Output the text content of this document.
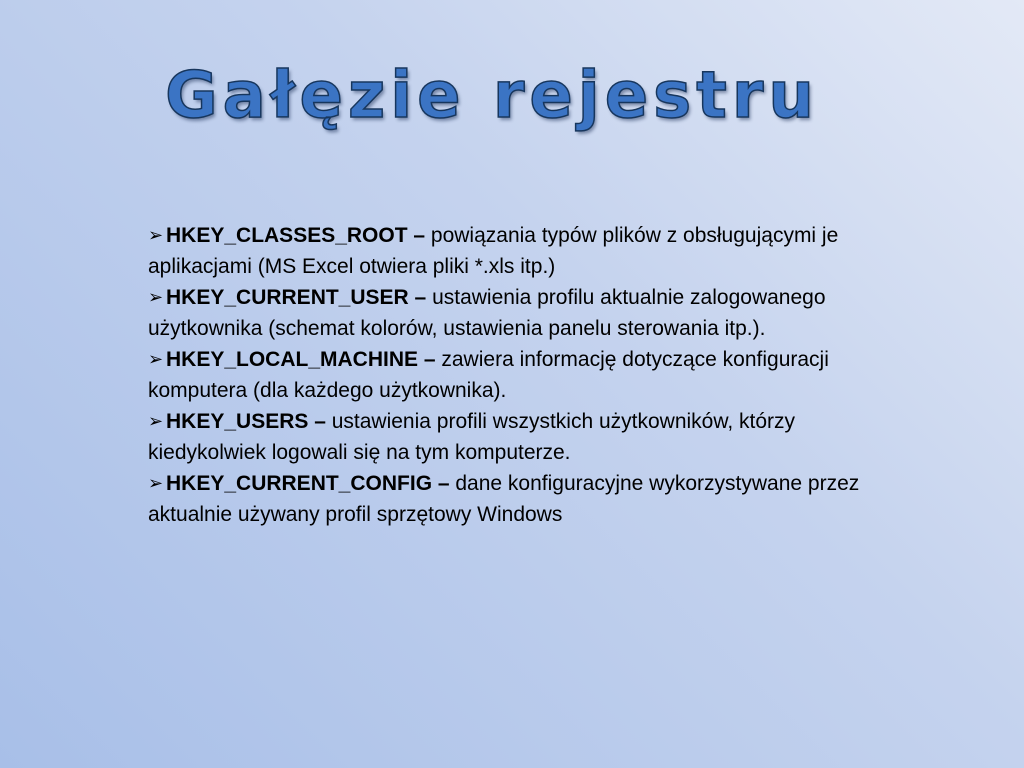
Gałęzie rejestru
➢ HKEY_CLASSES_ROOT – powiązania typów plików z obsługującymi je aplikacjami (MS Excel otwiera pliki *.xls itp.)
➢ HKEY_CURRENT_USER – ustawienia profilu aktualnie zalogowanego użytkownika (schemat kolorów, ustawienia panelu sterowania itp.).
➢ HKEY_LOCAL_MACHINE – zawiera informację dotyczące konfiguracji komputera (dla każdego użytkownika).
➢ HKEY_USERS – ustawienia profili wszystkich użytkowników, którzy kiedykolwiek logowali się na tym komputerze.
➢ HKEY_CURRENT_CONFIG – dane konfiguracyjne wykorzystywane przez aktualnie używany profil sprzętowy Windows
